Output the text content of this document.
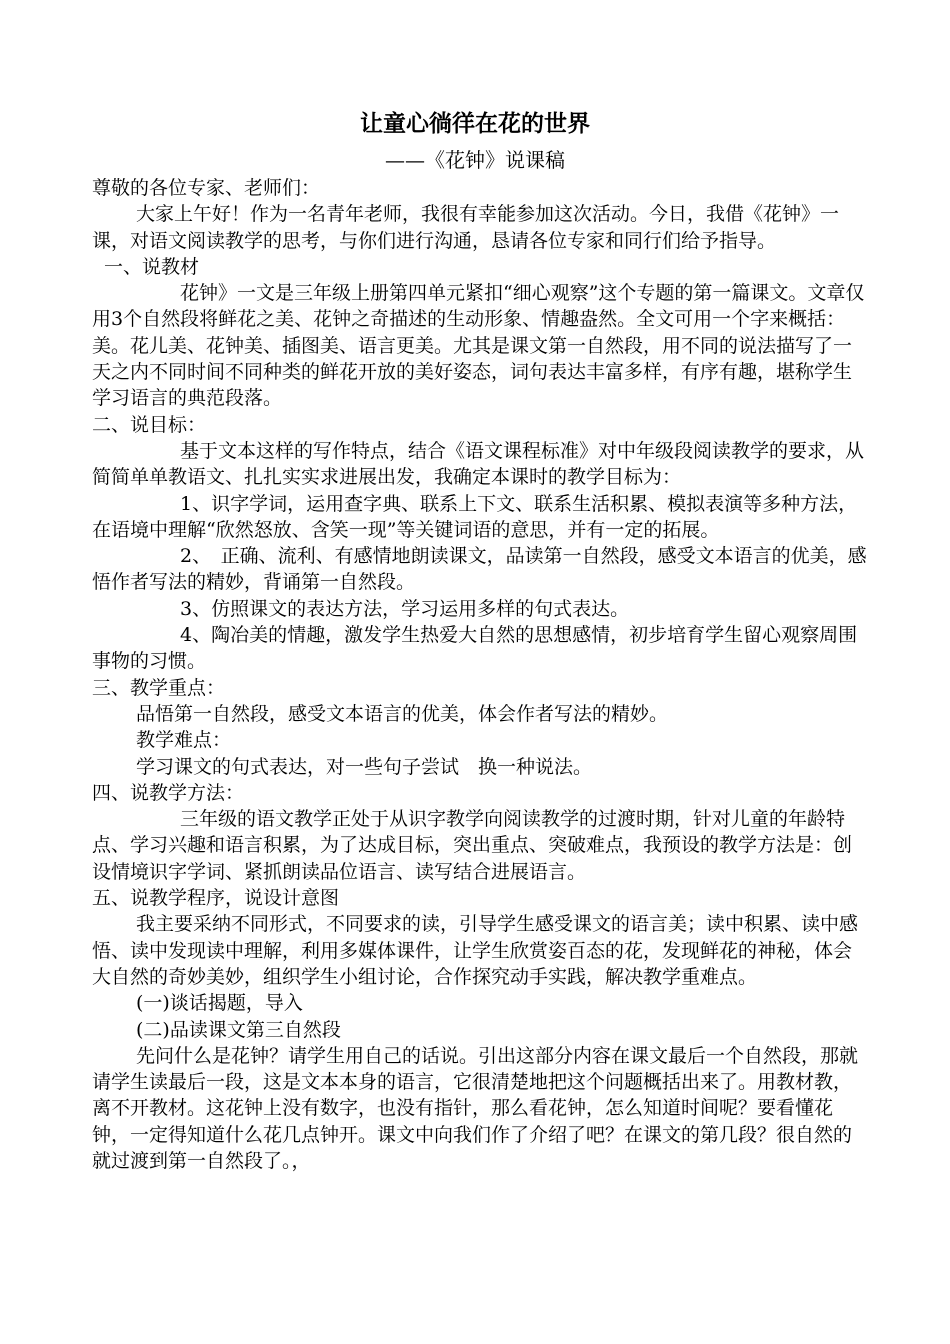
让童心徜徉在花的世界
——《花钟》说课稿

尊敬的各位专家、老师们：

大家上午好！作为一名青年老师，我很有幸能参加这次活动。今日，我借《花钟》一课，对语文阅读教学的思考，与你们进行沟通，恳请各位专家和同行们给予指导。

一、说教材

花钟》一文是三年级上册第四单元紧扣“细心观察”这个专题的第一篇课文。文章仅用3个自然段将鲜花之美、花钟之奇描述的生动形象、情趣盎然。全文可用一个字来概括：美。花儿美、花钟美、插图美、语言更美。尤其是课文第一自然段，用不同的说法描写了一天之内不同时间不同种类的鲜花开放的美好姿态，词句表达丰富多样，有序有趣，堪称学生学习语言的典范段落。

二、说目标：

基于文本这样的写作特点，结合《语文课程标准》对中年级段阅读教学的要求，从简简单单教语文、扎扎实实求进展出发，我确定本课时的教学目标为：

1、识字学词，运用查字典、联系上下文、联系生活积累、模拟表演等多种方法，在语境中理解“欣然怒放、含笑一现”等关键词语的意思，并有一定的拓展。

2、　正确、流利、有感情地朗读课文，品读第一自然段，感受文本语言的优美，感悟作者写法的精妙，背诵第一自然段。

3、仿照课文的表达方法，学习运用多样的句式表达。

4、陶冶美的情趣，激发学生热爱大自然的思想感情，初步培育学生留心观察周围事物的习惯。

三、教学重点：

品悟第一自然段，感受文本语言的优美，体会作者写法的精妙。

教学难点：

学习课文的句式表达，对一些句子尝试　换一种说法。

四、说教学方法：

三年级的语文教学正处于从识字教学向阅读教学的过渡时期，针对儿童的年龄特点、学习兴趣和语言积累，为了达成目标，突出重点、突破难点，我预设的教学方法是：创设情境识字学词、紧抓朗读品位语言、读写结合进展语言。

五、说教学程序，说设计意图

我主要采纳不同形式，不同要求的读，引导学生感受课文的语言美；读中积累、读中感悟、读中发现读中理解，利用多媒体课件，让学生欣赏姿百态的花，发现鲜花的神秘，体会大自然的奇妙美妙，组织学生小组讨论，合作探究动手实践，解决教学重难点。

(一)谈话揭题，导入

(二)品读课文第三自然段

先问什么是花钟？请学生用自己的话说。引出这部分内容在课文最后一个自然段，那就请学生读最后一段，这是文本本身的语言，它很清楚地把这个问题概括出来了。用教材教，离不开教材。这花钟上没有数字，也没有指针，那么看花钟，怎么知道时间呢？要看懂花钟，一定得知道什么花几点钟开。课文中向我们作了介绍了吧？在课文的第几段？很自然的就过渡到第一自然段了。，
